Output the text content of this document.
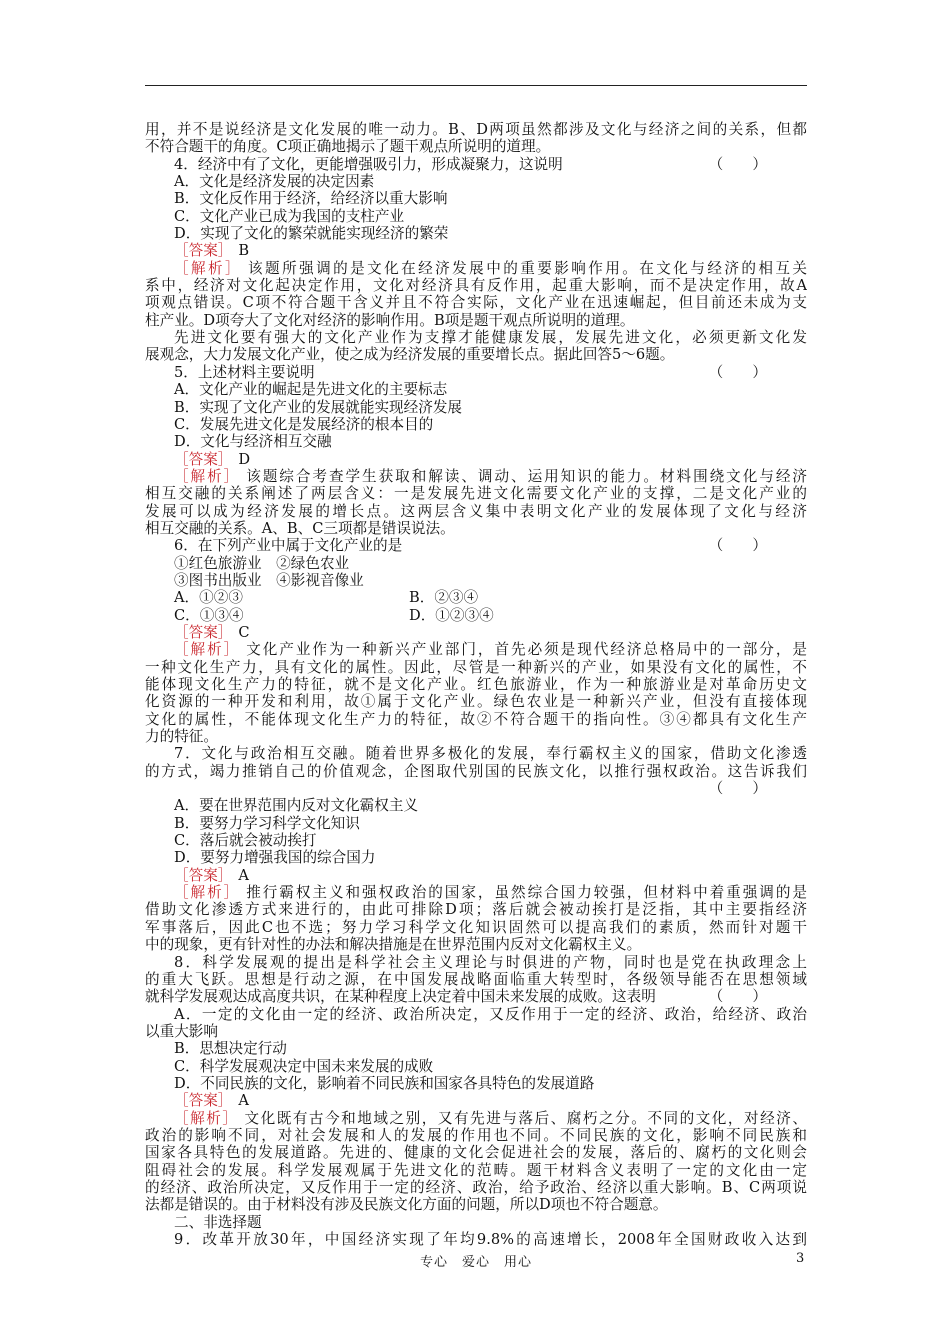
用，并不是说经济是文化发展的唯一动力。B、D两项虽然都涉及文化与经济之间的关系，但都
不符合题干的角度。C项正确地揭示了题干观点所说明的道理。
4．经济中有了文化，更能增强吸引力，形成凝聚力，这说明	（　　）
A．文化是经济发展的决定因素
B．文化反作用于经济，给经济以重大影响
C．文化产业已成为我国的支柱产业
D．实现了文化的繁荣就能实现经济的繁荣
［答案］ B
［解析］ 该题所强调的是文化在经济发展中的重要影响作用。在文化与经济的相互关
系中，经济对文化起决定作用，文化对经济具有反作用，起重大影响，而不是决定作用，故A
项观点错误。C项不符合题干含义并且不符合实际，文化产业在迅速崛起，但目前还未成为支
柱产业。D项夸大了文化对经济的影响作用。B项是题干观点所说明的道理。
先进文化要有强大的文化产业作为支撑才能健康发展，发展先进文化，必须更新文化发
展观念，大力发展文化产业，使之成为经济发展的重要增长点。据此回答5～6题。
5．上述材料主要说明	（　　）
A．文化产业的崛起是先进文化的主要标志
B．实现了文化产业的发展就能实现经济发展
C．发展先进文化是发展经济的根本目的
D．文化与经济相互交融
［答案］ D
［解析］ 该题综合考查学生获取和解读、调动、运用知识的能力。材料围绕文化与经济
相互交融的关系阐述了两层含义：一是发展先进文化需要文化产业的支撑，二是文化产业的
发展可以成为经济发展的增长点。这两层含义集中表明文化产业的发展体现了文化与经济
相互交融的关系。A、B、C三项都是错误说法。
6．在下列产业中属于文化产业的是	（　　）
①红色旅游业　②绿色农业
③图书出版业　④影视音像业
A．①②③	B．②③④
C．①③④	D．①②③④
［答案］ C
［解析］ 文化产业作为一种新兴产业部门，首先必须是现代经济总格局中的一部分，是
一种文化生产力，具有文化的属性。因此，尽管是一种新兴的产业，如果没有文化的属性，不
能体现文化生产力的特征，就不是文化产业。红色旅游业，作为一种旅游业是对革命历史文
化资源的一种开发和利用，故①属于文化产业。绿色农业是一种新兴产业，但没有直接体现
文化的属性，不能体现文化生产力的特征，故②不符合题干的指向性。③④都具有文化生产
力的特征。
7．文化与政治相互交融。随着世界多极化的发展，奉行霸权主义的国家，借助文化渗透
的方式，竭力推销自己的价值观念，企图取代别国的民族文化，以推行强权政治。这告诉我们
（　　）
A．要在世界范围内反对文化霸权主义
B．要努力学习科学文化知识
C．落后就会被动挨打
D．要努力增强我国的综合国力
［答案］ A
［解析］ 推行霸权主义和强权政治的国家，虽然综合国力较强，但材料中着重强调的是
借助文化渗透方式来进行的，由此可排除D项；落后就会被动挨打是泛指，其中主要指经济
军事落后，因此C也不选；努力学习科学文化知识固然可以提高我们的素质，然而针对题干
中的现象，更有针对性的办法和解决措施是在世界范围内反对文化霸权主义。
8．科学发展观的提出是科学社会主义理论与时俱进的产物，同时也是党在执政理念上
的重大飞跃。思想是行动之源，在中国发展战略面临重大转型时，各级领导能否在思想领域
就科学发展观达成高度共识，在某种程度上决定着中国未来发展的成败。这表明	（　　）
A．一定的文化由一定的经济、政治所决定，又反作用于一定的经济、政治，给经济、政治
以重大影响
B．思想决定行动
C．科学发展观决定中国未来发展的成败
D．不同民族的文化，影响着不同民族和国家各具特色的发展道路
［答案］ A
［解析］ 文化既有古今和地域之别，又有先进与落后、腐朽之分。不同的文化，对经济、
政治的影响不同，对社会发展和人的发展的作用也不同。不同民族的文化，影响不同民族和
国家各具特色的发展道路。先进的、健康的文化会促进社会的发展，落后的、腐朽的文化则会
阻碍社会的发展。科学发展观属于先进文化的范畴。题干材料含义表明了一定的文化由一定
的经济、政治所决定，又反作用于一定的经济、政治，给予政治、经济以重大影响。B、C两项说
法都是错误的。由于材料没有涉及民族文化方面的问题，所以D项也不符合题意。
二、非选择题
9．改革开放30年，中国经济实现了年均9.8%的高速增长，2008年全国财政收入达到
专心　爱心　用心	3
